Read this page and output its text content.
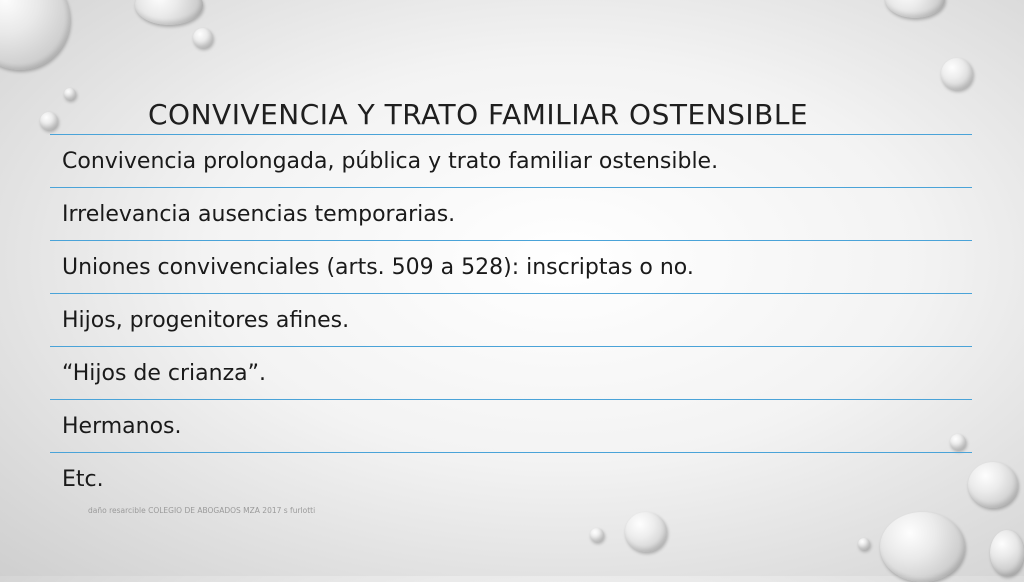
CONVIVENCIA Y TRATO FAMILIAR OSTENSIBLE
Convivencia prolongada, pública y trato familiar ostensible.
Irrelevancia ausencias temporarias.
Uniones convivenciales (arts. 509 a 528): inscriptas o no.
Hijos, progenitores afines.
“Hijos de crianza”.
Hermanos.
Etc.
daño resarcible COLEGIO DE ABOGADOS MZA 2017 s furlotti
